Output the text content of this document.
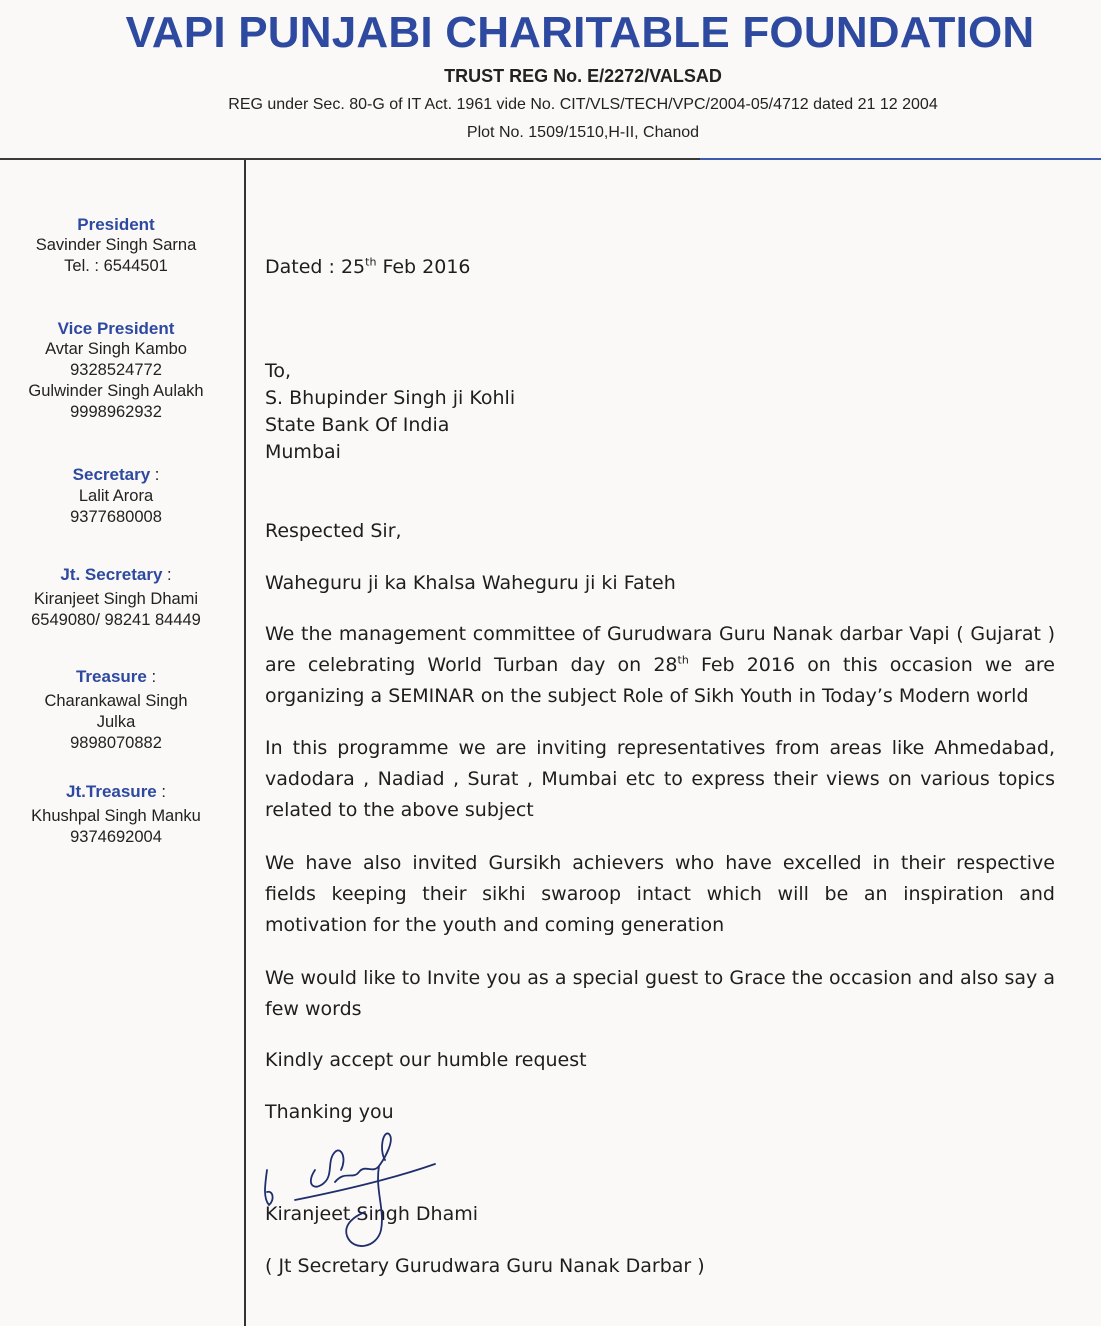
VAPI PUNJABI CHARITABLE FOUNDATION
TRUST REG No. E/2272/VALSAD
REG under Sec. 80-G of IT Act. 1961 vide No. CIT/VLS/TECH/VPC/2004-05/4712 dated 21 12 2004
Plot No. 1509/1510,H-II, Chanod
President
Savinder Singh Sarna
Tel. : 6544501
Vice President
Avtar Singh Kambo
9328524772
Gulwinder Singh Aulakh
9998962932
Secretary :
Lalit Arora
9377680008
Jt. Secretary :
Kiranjeet Singh Dhami
6549080/ 98241 84449
Treasure :
Charankawal Singh
Julka
9898070882
Jt.Treasure :
Khushpal Singh Manku
9374692004
Dated : 25th Feb 2016
To,
S. Bhupinder Singh ji Kohli
State Bank Of India
Mumbai
Respected Sir,
Waheguru ji ka Khalsa Waheguru ji ki Fateh
We the management committee of Gurudwara Guru Nanak darbar Vapi ( Gujarat ) are celebrating World Turban day on 28th Feb 2016 on this occasion we are organizing a SEMINAR on the subject Role of Sikh Youth in Today’s Modern world
In this programme we are inviting representatives from areas like Ahmedabad, vadodara , Nadiad , Surat , Mumbai etc to express their views on various topics related to the above subject
We have also invited Gursikh achievers who have excelled in their respective fields keeping their sikhi swaroop intact which will be an inspiration and motivation for the youth and coming generation
We would like to Invite you as a special guest to Grace the occasion and also say a few words
Kindly accept our humble request
Thanking you
Kiranjeet Singh Dhami
( Jt Secretary Gurudwara Guru Nanak Darbar )
